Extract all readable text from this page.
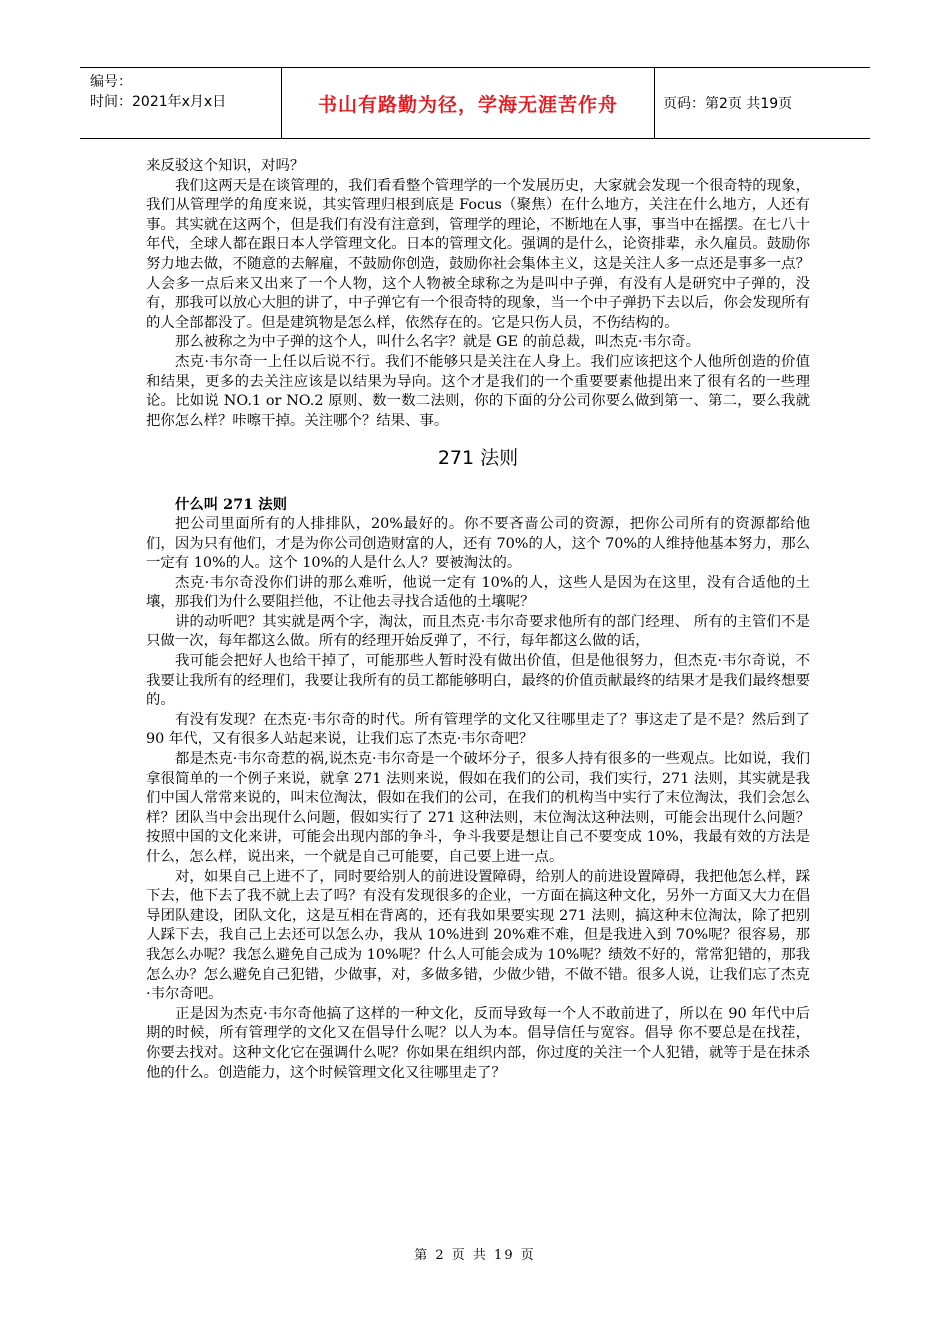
编号：
时间：2021年x月x日	书山有路勤为径，学海无涯苦作舟	页码：第2页 共19页

来反驳这个知识，对吗？

我们这两天是在谈管理的，我们看看整个管理学的一个发展历史，大家就会发现一个很奇特的现象，我们从管理学的角度来说，其实管理归根到底是 Focus（聚焦）在什么地方，关注在什么地方，人还有事。其实就在这两个，但是我们有没有注意到，管理学的理论，不断地在人事，事当中在摇摆。在七八十年代，全球人都在跟日本人学管理文化。日本的管理文化。强调的是什么，论资排辈，永久雇员。鼓励你努力地去做，不随意的去解雇，不鼓励你创造，鼓励你社会集体主义，这是关注人多一点还是事多一点？人会多一点后来又出来了一个人物，这个人物被全球称之为是叫中子弹，有没有人是研究中子弹的，没有，那我可以放心大胆的讲了，中子弹它有一个很奇特的现象，当一个中子弹扔下去以后，你会发现所有的人全部都没了。但是建筑物是怎么样，依然存在的。它是只伤人员，不伤结构的。

那么被称之为中子弹的这个人，叫什么名字？就是 GE 的前总裁，叫杰克·韦尔奇。

杰克·韦尔奇一上任以后说不行。我们不能够只是关注在人身上。我们应该把这个人他所创造的价值和结果，更多的去关注应该是以结果为导向。这个才是我们的一个重要要素他提出来了很有名的一些理论。比如说 NO.1 or NO.2 原则、数一数二法则，你的下面的分公司你要么做到第一、第二，要么我就把你怎么样？咔嚓干掉。关注哪个？结果、事。

271 法则

什么叫 271 法则

把公司里面所有的人排排队，20%最好的。你不要吝啬公司的资源，把你公司所有的资源都给他们，因为只有他们，才是为你公司创造财富的人，还有 70%的人，这个 70%的人维持他基本努力，那么一定有 10%的人。这个 10%的人是什么人？要被淘汰的。

杰克·韦尔奇没你们讲的那么难听，他说一定有 10%的人，这些人是因为在这里，没有合适他的土壤，那我们为什么要阻拦他，不让他去寻找合适他的土壤呢？

讲的动听吧？其实就是两个字，淘汰，而且杰克·韦尔奇要求他所有的部门经理、 所有的主管们不是只做一次，每年都这么做。所有的经理开始反弹了，不行，每年都这么做的话，

我可能会把好人也给干掉了，可能那些人暂时没有做出价值，但是他很努力，但杰克·韦尔奇说，不我要让我所有的经理们，我要让我所有的员工都能够明白，最终的价值贡献最终的结果才是我们最终想要的。

有没有发现？在杰克·韦尔奇的时代。所有管理学的文化又往哪里走了？事这走了是不是？然后到了 90 年代，又有很多人站起来说，让我们忘了杰克·韦尔奇吧？

都是杰克·韦尔奇惹的祸,说杰克·韦尔奇是一个破坏分子，很多人持有很多的一些观点。比如说，我们拿很简单的一个例子来说，就拿 271 法则来说，假如在我们的公司，我们实行，271 法则，其实就是我们中国人常常来说的，叫末位淘汰，假如在我们的公司，在我们的机构当中实行了末位淘汰，我们会怎么样？团队当中会出现什么问题，假如实行了 271 这种法则，末位淘汰这种法则，可能会出现什么问题？按照中国的文化来讲，可能会出现内部的争斗，争斗我要是想让自己不要变成 10%，我最有效的方法是什么，怎么样，说出来，一个就是自己可能要，自己要上进一点。

对，如果自己上进不了，同时要给别人的前进设置障碍，给别人的前进设置障碍，我把他怎么样，踩下去，他下去了我不就上去了吗？有没有发现很多的企业，一方面在搞这种文化，另外一方面又大力在倡导团队建设，团队文化，这是互相在背离的，还有我如果要实现 271 法则，搞这种末位淘汰，除了把别人踩下去，我自己上去还可以怎么办，我从 10%进到 20%难不难，但是我进入到 70%呢？很容易，那我怎么办呢？我怎么避免自己成为 10%呢？什么人可能会成为 10%呢？绩效不好的，常常犯错的，那我怎么办？怎么避免自己犯错，少做事，对，多做多错，少做少错，不做不错。很多人说，让我们忘了杰克·韦尔奇吧。

正是因为杰克·韦尔奇他搞了这样的一种文化，反而导致每一个人不敢前进了，所以在 90 年代中后期的时候，所有管理学的文化又在倡导什么呢？以人为本。倡导信任与宽容。倡导 你不要总是在找茬，你要去找对。这种文化它在强调什么呢？你如果在组织内部，你过度的关注一个人犯错，就等于是在抹杀他的什么。创造能力，这个时候管理文化又往哪里走了？

第 2 页 共 19 页
